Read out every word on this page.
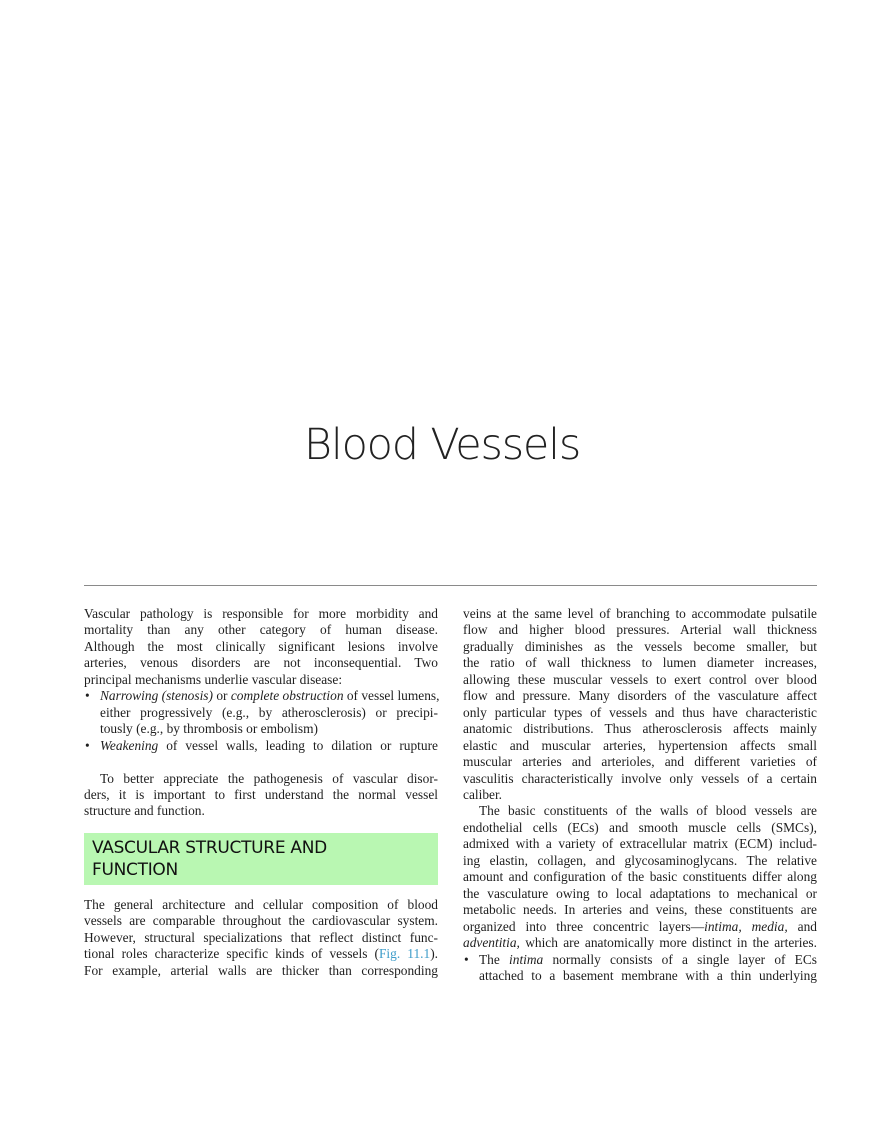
Blood Vessels
Vascular pathology is responsible for more morbidity and
mortality than any other category of human disease.
Although the most clinically significant lesions involve
arteries, venous disorders are not inconsequential. Two
principal mechanisms underlie vascular disease:
• Narrowing (stenosis) or complete obstruction of vessel lumens,
either progressively (e.g., by atherosclerosis) or precipi-
tously (e.g., by thrombosis or embolism)
• Weakening of vessel walls, leading to dilation or rupture
To better appreciate the pathogenesis of vascular disor-
ders, it is important to first understand the normal vessel
structure and function.
VASCULAR STRUCTURE AND
FUNCTION
The general architecture and cellular composition of blood
vessels are comparable throughout the cardiovascular system.
However, structural specializations that reflect distinct func-
tional roles characterize specific kinds of vessels (Fig. 11.1).
For example, arterial walls are thicker than corresponding
veins at the same level of branching to accommodate pulsatile
flow and higher blood pressures. Arterial wall thickness
gradually diminishes as the vessels become smaller, but
the ratio of wall thickness to lumen diameter increases,
allowing these muscular vessels to exert control over blood
flow and pressure. Many disorders of the vasculature affect
only particular types of vessels and thus have characteristic
anatomic distributions. Thus atherosclerosis affects mainly
elastic and muscular arteries, hypertension affects small
muscular arteries and arterioles, and different varieties of
vasculitis characteristically involve only vessels of a certain
caliber.
The basic constituents of the walls of blood vessels are
endothelial cells (ECs) and smooth muscle cells (SMCs),
admixed with a variety of extracellular matrix (ECM) includ-
ing elastin, collagen, and glycosaminoglycans. The relative
amount and configuration of the basic constituents differ along
the vasculature owing to local adaptations to mechanical or
metabolic needs. In arteries and veins, these constituents are
organized into three concentric layers—intima, media, and
adventitia, which are anatomically more distinct in the arteries.
• The intima normally consists of a single layer of ECs
attached to a basement membrane with a thin underlying
